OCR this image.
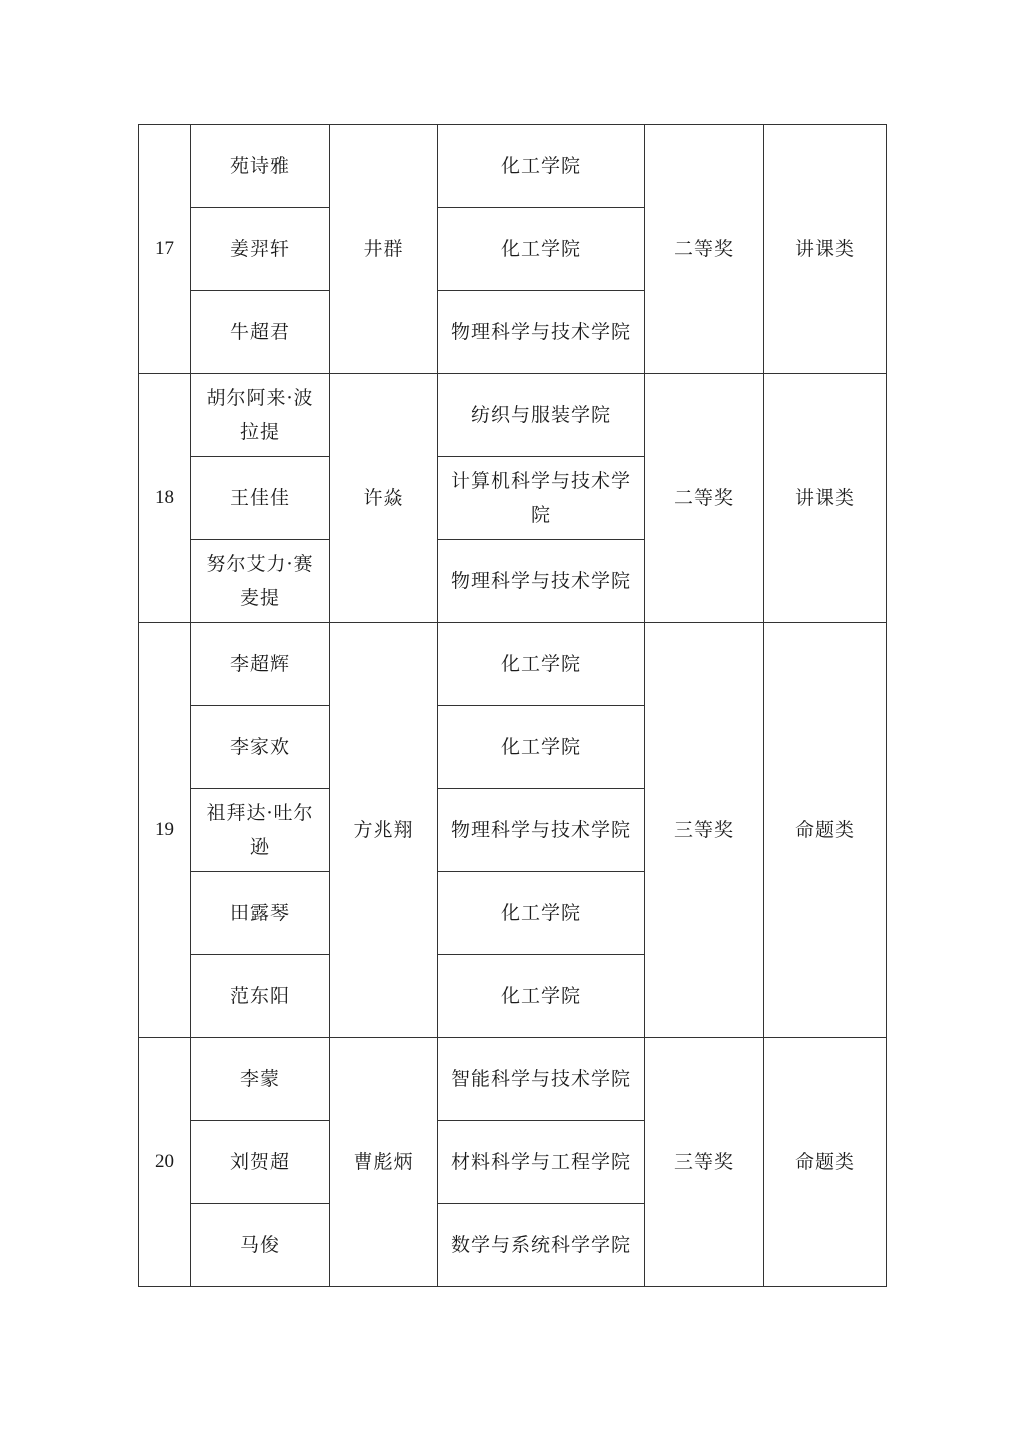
17	苑诗雅	井群	化工学院	二等奖	讲课类
	姜羿轩		化工学院		
	牛超君		物理科学与技术学院		
18	胡尔阿来·波拉提	许焱	纺织与服装学院	二等奖	讲课类
	王佳佳		计算机科学与技术学院		
	努尔艾力·赛麦提		物理科学与技术学院		
19	李超辉	方兆翔	化工学院	三等奖	命题类
	李家欢		化工学院		
	祖拜达·吐尔逊		物理科学与技术学院		
	田露琴		化工学院		
	范东阳		化工学院		
20	李蒙	曹彪炳	智能科学与技术学院	三等奖	命题类
	刘贺超		材料科学与工程学院		
	马俊		数学与系统科学学院		
